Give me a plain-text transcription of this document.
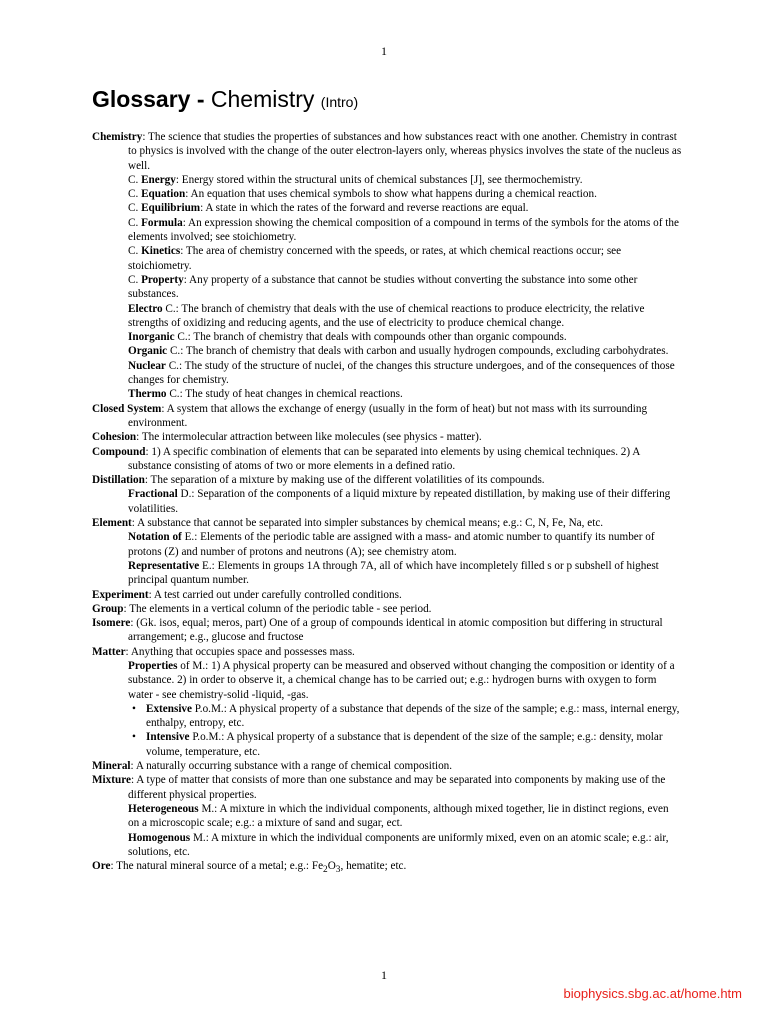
1
Glossary - Chemistry (Intro)

Chemistry: The science that studies the properties of substances and how substances react with one another. Chemistry in contrast to physics is involved with the change of the outer electron-layers only, whereas physics involves the state of the nucleus as well.

C. Energy: Energy stored within the structural units of chemical substances [J], see thermochemistry.

C. Equation: An equation that uses chemical symbols to show what happens during a chemical reaction.

C. Equilibrium: A state in which the rates of the forward and reverse reactions are equal.

C. Formula: An expression showing the chemical composition of a compound in terms of the symbols for the atoms of the elements involved; see stoichiometry.

C. Kinetics: The area of chemistry concerned with the speeds, or rates, at which chemical reactions occur; see stoichiometry.

C. Property: Any property of a substance that cannot be studies without converting the substance into some other substances.

Electro C.: The branch of chemistry that deals with the use of chemical reactions to produce electricity, the relative strengths of oxidizing and reducing agents, and the use of electricity to produce chemical change.

Inorganic C.: The branch of chemistry that deals with compounds other than organic compounds.

Organic C.: The branch of chemistry that deals with carbon and usually hydrogen compounds, excluding carbohydrates.

Nuclear C.: The study of the structure of nuclei, of the changes this structure undergoes, and of the consequences of those changes for chemistry.

Thermo C.: The study of heat changes in chemical reactions.

Closed System: A system that allows the exchange of energy (usually in the form of heat) but not mass with its surrounding environment.

Cohesion: The intermolecular attraction between like molecules (see physics - matter).

Compound: 1) A specific combination of elements that can be separated into elements by using chemical techniques. 2) A substance consisting of atoms of two or more elements in a defined ratio.

Distillation: The separation of a mixture by making use of the different volatilities of its compounds.

Fractional D.: Separation of the components of a liquid mixture by repeated distillation, by making use of their differing volatilities.

Element: A substance that cannot be separated into simpler substances by chemical means; e.g.: C, N, Fe, Na, etc.

Notation of E.: Elements of the periodic table are assigned with a mass- and atomic number to quantify its number of protons (Z) and number of protons and neutrons (A); see chemistry atom.

Representative E.: Elements in groups 1A through 7A, all of which have incompletely filled s or p subshell of highest principal quantum number.

Experiment: A test carried out under carefully controlled conditions.

Group: The elements in a vertical column of the periodic table - see period.

Isomere: (Gk. isos, equal; meros, part) One of a group of compounds identical in atomic composition but differing in structural arrangement; e.g., glucose and fructose

Matter: Anything that occupies space and possesses mass.

Properties of M.: 1) A physical property can be measured and observed without changing the composition or identity of a substance. 2) in order to observe it, a chemical change has to be carried out; e.g.: hydrogen burns with oxygen to form water - see chemistry-solid -liquid, -gas.

• Extensive P.o.M.: A physical property of a substance that depends of the size of the sample; e.g.: mass, internal energy, enthalpy, entropy, etc.

• Intensive P.o.M.: A physical property of a substance that is dependent of the size of the sample; e.g.: density, molar volume, temperature, etc.

Mineral: A naturally occurring substance with a range of chemical composition.

Mixture: A type of matter that consists of more than one substance and may be separated into components by making use of the different physical properties.

Heterogeneous M.: A mixture in which the individual components, although mixed together, lie in distinct regions, even on a microscopic scale; e.g.: a mixture of sand and sugar, ect.

Homogenous M.: A mixture in which the individual components are uniformly mixed, even on an atomic scale; e.g.: air, solutions, etc.

Ore: The natural mineral source of a metal; e.g.: $Fe_2O_3$, hematite; etc.

1
biophysics.sbg.ac.at/home.htm
